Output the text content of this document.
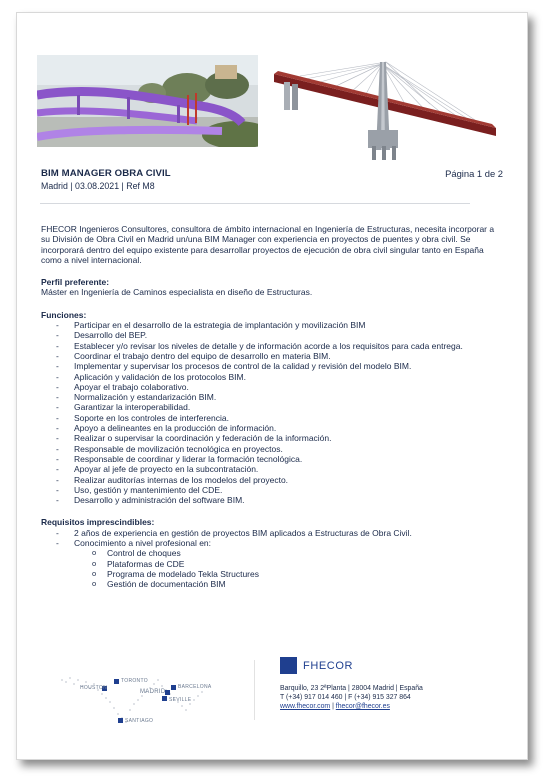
BIM MANAGER OBRA CIVIL
Madrid | 03.08.2021 | Ref M8
Página 1 de 2

FHECOR Ingenieros Consultores, consultora de ámbito internacional en Ingeniería de Estructuras, necesita incorporar a su División de Obra Civil en Madrid un/una BIM Manager con experiencia en proyectos de puentes y obra civil. Se incorporará dentro del equipo existente para desarrollar proyectos de ejecución de obra civil singular tanto en España como a nivel internacional.

Perfil preferente:
Máster en Ingeniería de Caminos especialista en diseño de Estructuras.
Funciones:
- Participar en el desarrollo de la estrategia de implantación y movilización BIM
- Desarrollo del BEP.
- Establecer y/o revisar los niveles de detalle y de información acorde a los requisitos para cada entrega.
- Coordinar el trabajo dentro del equipo de desarrollo en materia BIM.
- Implementar y supervisar los procesos de control de la calidad y revisión del modelo BIM.
- Aplicación y validación de los protocolos BIM.
- Apoyar el trabajo colaborativo.
- Normalización y estandarización BIM.
- Garantizar la interoperabilidad.
- Soporte en los controles de interferencia.
- Apoyo a delineantes en la producción de información.
- Realizar o supervisar la coordinación y federación de la información.
- Responsable de movilización tecnológica en proyectos.
- Responsable de coordinar y liderar la formación tecnológica.
- Apoyar al jefe de proyecto en la subcontratación.
- Realizar auditorías internas de los modelos del proyecto.
- Uso, gestión y mantenimiento del CDE.
- Desarrollo y administración del software BIM.
Requisitos imprescindibles:
- 2 años de experiencia en gestión de proyectos BIM aplicados a Estructuras de Obra Civil.
- Conocimiento a nivel profesional en:
o Control de choques
o Plataformas de CDE
o Programa de modelado Tekla Structures
o Gestión de documentación BIM
TORONTO
HOUSTON
MADRID
BARCELONA
SEVILLE
SANTIAGO
FHECOR
Barquillo, 23 2ªPlanta | 28004 Madrid | España
T (+34) 917 014 460 | F (+34) 915 327 864
www.fhecor.com | fhecor@fhecor.es
